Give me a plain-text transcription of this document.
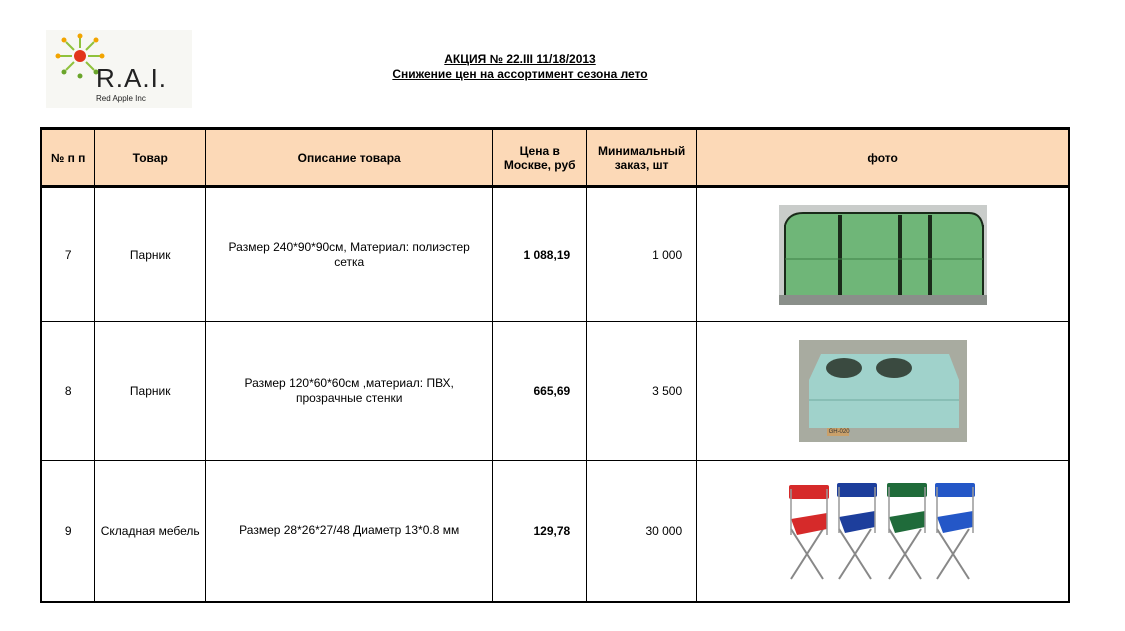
R.A.I.
Red Apple Inc
АКЦИЯ № 22.III 11/18/2013
Снижение цен на ассортимент сезона лето
№ п п	Товар	Описание товара	Цена в Москве, руб	Минимальный заказ, шт	фото
7	Парник	Размер 240*90*90см, Материал: полиэстер сетка	1 088,19	1 000	

8	Парник	Размер 120*60*60см ,материал: ПВХ, прозрачные стенки	665,69	3 500	GH-020

9	Складная мебель	Размер 28*26*27/48 Диаметр 13*0.8 мм	129,78	30 000	
